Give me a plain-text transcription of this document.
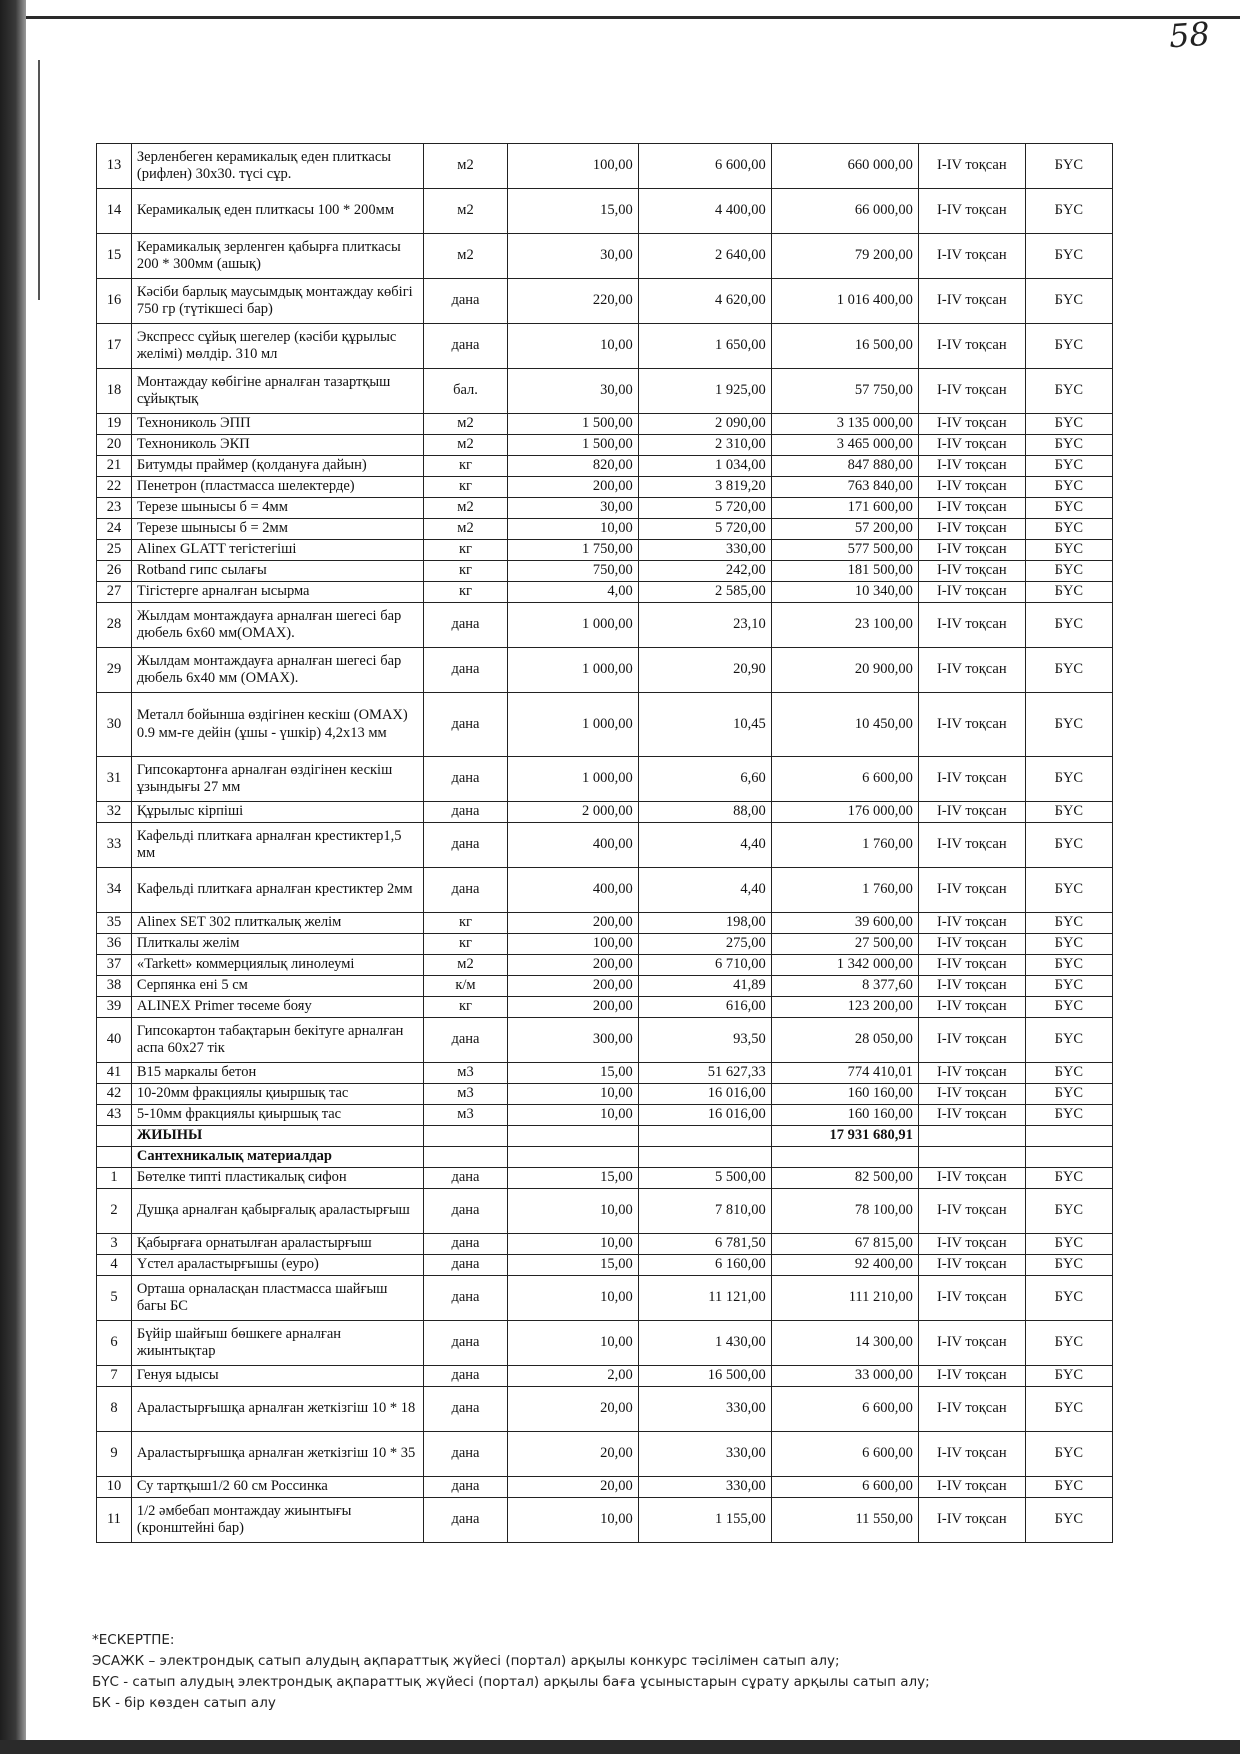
58
13	Зерленбеген керамикалық еден плиткасы (рифлен) 30х30. түсі сұр.	м2	100,00	6 600,00	660 000,00	I-IV тоқсан	БҮС
14	Керамикалық еден плиткасы 100 * 200мм	м2	15,00	4 400,00	66 000,00	I-IV тоқсан	БҮС
15	Керамикалық зерленген қабырға плиткасы 200 * 300мм (ашық)	м2	30,00	2 640,00	79 200,00	I-IV тоқсан	БҮС
16	Кәсіби барлық маусымдық монтаждау көбігі 750 гр (түтікшесі бар)	дана	220,00	4 620,00	1 016 400,00	I-IV тоқсан	БҮС
17	Экспресс сұйық шегелер (кәсіби құрылыс желімі) мөлдір. 310 мл	дана	10,00	1 650,00	16 500,00	I-IV тоқсан	БҮС
18	Монтаждау көбігіне арналған тазартқыш сұйықтық	бал.	30,00	1 925,00	57 750,00	I-IV тоқсан	БҮС
19	Технониколь ЭПП	м2	1 500,00	2 090,00	3 135 000,00	I-IV тоқсан	БҮС
20	Технониколь ЭКП	м2	1 500,00	2 310,00	3 465 000,00	I-IV тоқсан	БҮС
21	Битумды праймер (қолдануға дайын)	кг	820,00	1 034,00	847 880,00	I-IV тоқсан	БҮС
22	Пенетрон (пластмасса шелектерде)	кг	200,00	3 819,20	763 840,00	I-IV тоқсан	БҮС
23	Терезе шынысы б = 4мм	м2	30,00	5 720,00	171 600,00	I-IV тоқсан	БҮС
24	Терезе шынысы б = 2мм	м2	10,00	5 720,00	57 200,00	I-IV тоқсан	БҮС
25	Alinex GLATT тегістегіші	кг	1 750,00	330,00	577 500,00	I-IV тоқсан	БҮС
26	Rotband гипс сылағы	кг	750,00	242,00	181 500,00	I-IV тоқсан	БҮС
27	Тігістерге арналған ысырма	кг	4,00	2 585,00	10 340,00	I-IV тоқсан	БҮС
28	Жылдам монтаждауға арналған шегесі бар дюбель 6х60 мм(OMAX).	дана	1 000,00	23,10	23 100,00	I-IV тоқсан	БҮС
29	Жылдам монтаждауға арналған шегесі бар дюбель 6х40 мм (OMAX).	дана	1 000,00	20,90	20 900,00	I-IV тоқсан	БҮС
30	Металл бойынша өздігінен кескіш (OMAX) 0.9 мм-ге дейін (ұшы - үшкір) 4,2х13 мм	дана	1 000,00	10,45	10 450,00	I-IV тоқсан	БҮС
31	Гипсокартонға арналған өздігінен кескіш ұзындығы 27 мм	дана	1 000,00	6,60	6 600,00	I-IV тоқсан	БҮС
32	Құрылыс кірпіші	дана	2 000,00	88,00	176 000,00	I-IV тоқсан	БҮС
33	Кафельді плиткаға арналған крестиктер1,5 мм	дана	400,00	4,40	1 760,00	I-IV тоқсан	БҮС
34	Кафельді плиткаға арналған крестиктер 2мм	дана	400,00	4,40	1 760,00	I-IV тоқсан	БҮС
35	Alinex SET 302 плиткалық желім	кг	200,00	198,00	39 600,00	I-IV тоқсан	БҮС
36	Плиткалы желім	кг	100,00	275,00	27 500,00	I-IV тоқсан	БҮС
37	«Tarkett» коммерциялық линолеумі	м2	200,00	6 710,00	1 342 000,00	I-IV тоқсан	БҮС
38	Серпянка ені 5 см	к/м	200,00	41,89	8 377,60	I-IV тоқсан	БҮС
39	ALINEX Primer төсеме бояу	кг	200,00	616,00	123 200,00	I-IV тоқсан	БҮС
40	Гипсокартон табақтарын бекітуге арналған аспа 60х27 тік	дана	300,00	93,50	28 050,00	I-IV тоқсан	БҮС
41	В15 маркалы бетон	м3	15,00	51 627,33	774 410,01	I-IV тоқсан	БҮС
42	10-20мм фракциялы қиыршық тас	м3	10,00	16 016,00	160 160,00	I-IV тоқсан	БҮС
43	5-10мм фракциялы қиыршық тас	м3	10,00	16 016,00	160 160,00	I-IV тоқсан	БҮС
	ЖИЫНЫ				17 931 680,91		
	Сантехникалық материалдар						
1	Бөтелке типті пластикалық сифон	дана	15,00	5 500,00	82 500,00	I-IV тоқсан	БҮС
2	Душқа арналған қабырғалық араластырғыш	дана	10,00	7 810,00	78 100,00	I-IV тоқсан	БҮС
3	Қабырғаға орнатылған араластырғыш	дана	10,00	6 781,50	67 815,00	I-IV тоқсан	БҮС
4	Үстел араластырғышы (еуро)	дана	15,00	6 160,00	92 400,00	I-IV тоқсан	БҮС
5	Орташа орналасқан пластмасса шайғыш багы БС	дана	10,00	11 121,00	111 210,00	I-IV тоқсан	БҮС
6	Бүйір шайғыш бөшкеге арналған жиынтықтар	дана	10,00	1 430,00	14 300,00	I-IV тоқсан	БҮС
7	Генуя ыдысы	дана	2,00	16 500,00	33 000,00	I-IV тоқсан	БҮС
8	Араластырғышқа арналған жеткізгіш 10 * 18	дана	20,00	330,00	6 600,00	I-IV тоқсан	БҮС
9	Араластырғышқа арналған жеткізгіш 10 * 35	дана	20,00	330,00	6 600,00	I-IV тоқсан	БҮС
10	Су тартқыш1/2 60 см Россинка	дана	20,00	330,00	6 600,00	I-IV тоқсан	БҮС
11	1/2 әмбебап монтаждау жиынтығы (кронштейні бар)	дана	10,00	1 155,00	11 550,00	I-IV тоқсан	БҮС
*ЕСКЕРТПЕ:
ЭСАЖК – электрондық сатып алудың ақпараттық жүйесі (портал) арқылы конкурс тәсілімен сатып алу;
БҮС - сатып алудың электрондық ақпараттық жүйесі (портал) арқылы баға ұсыныстарын сұрату арқылы сатып алу;
БК - бір көзден сатып алу
